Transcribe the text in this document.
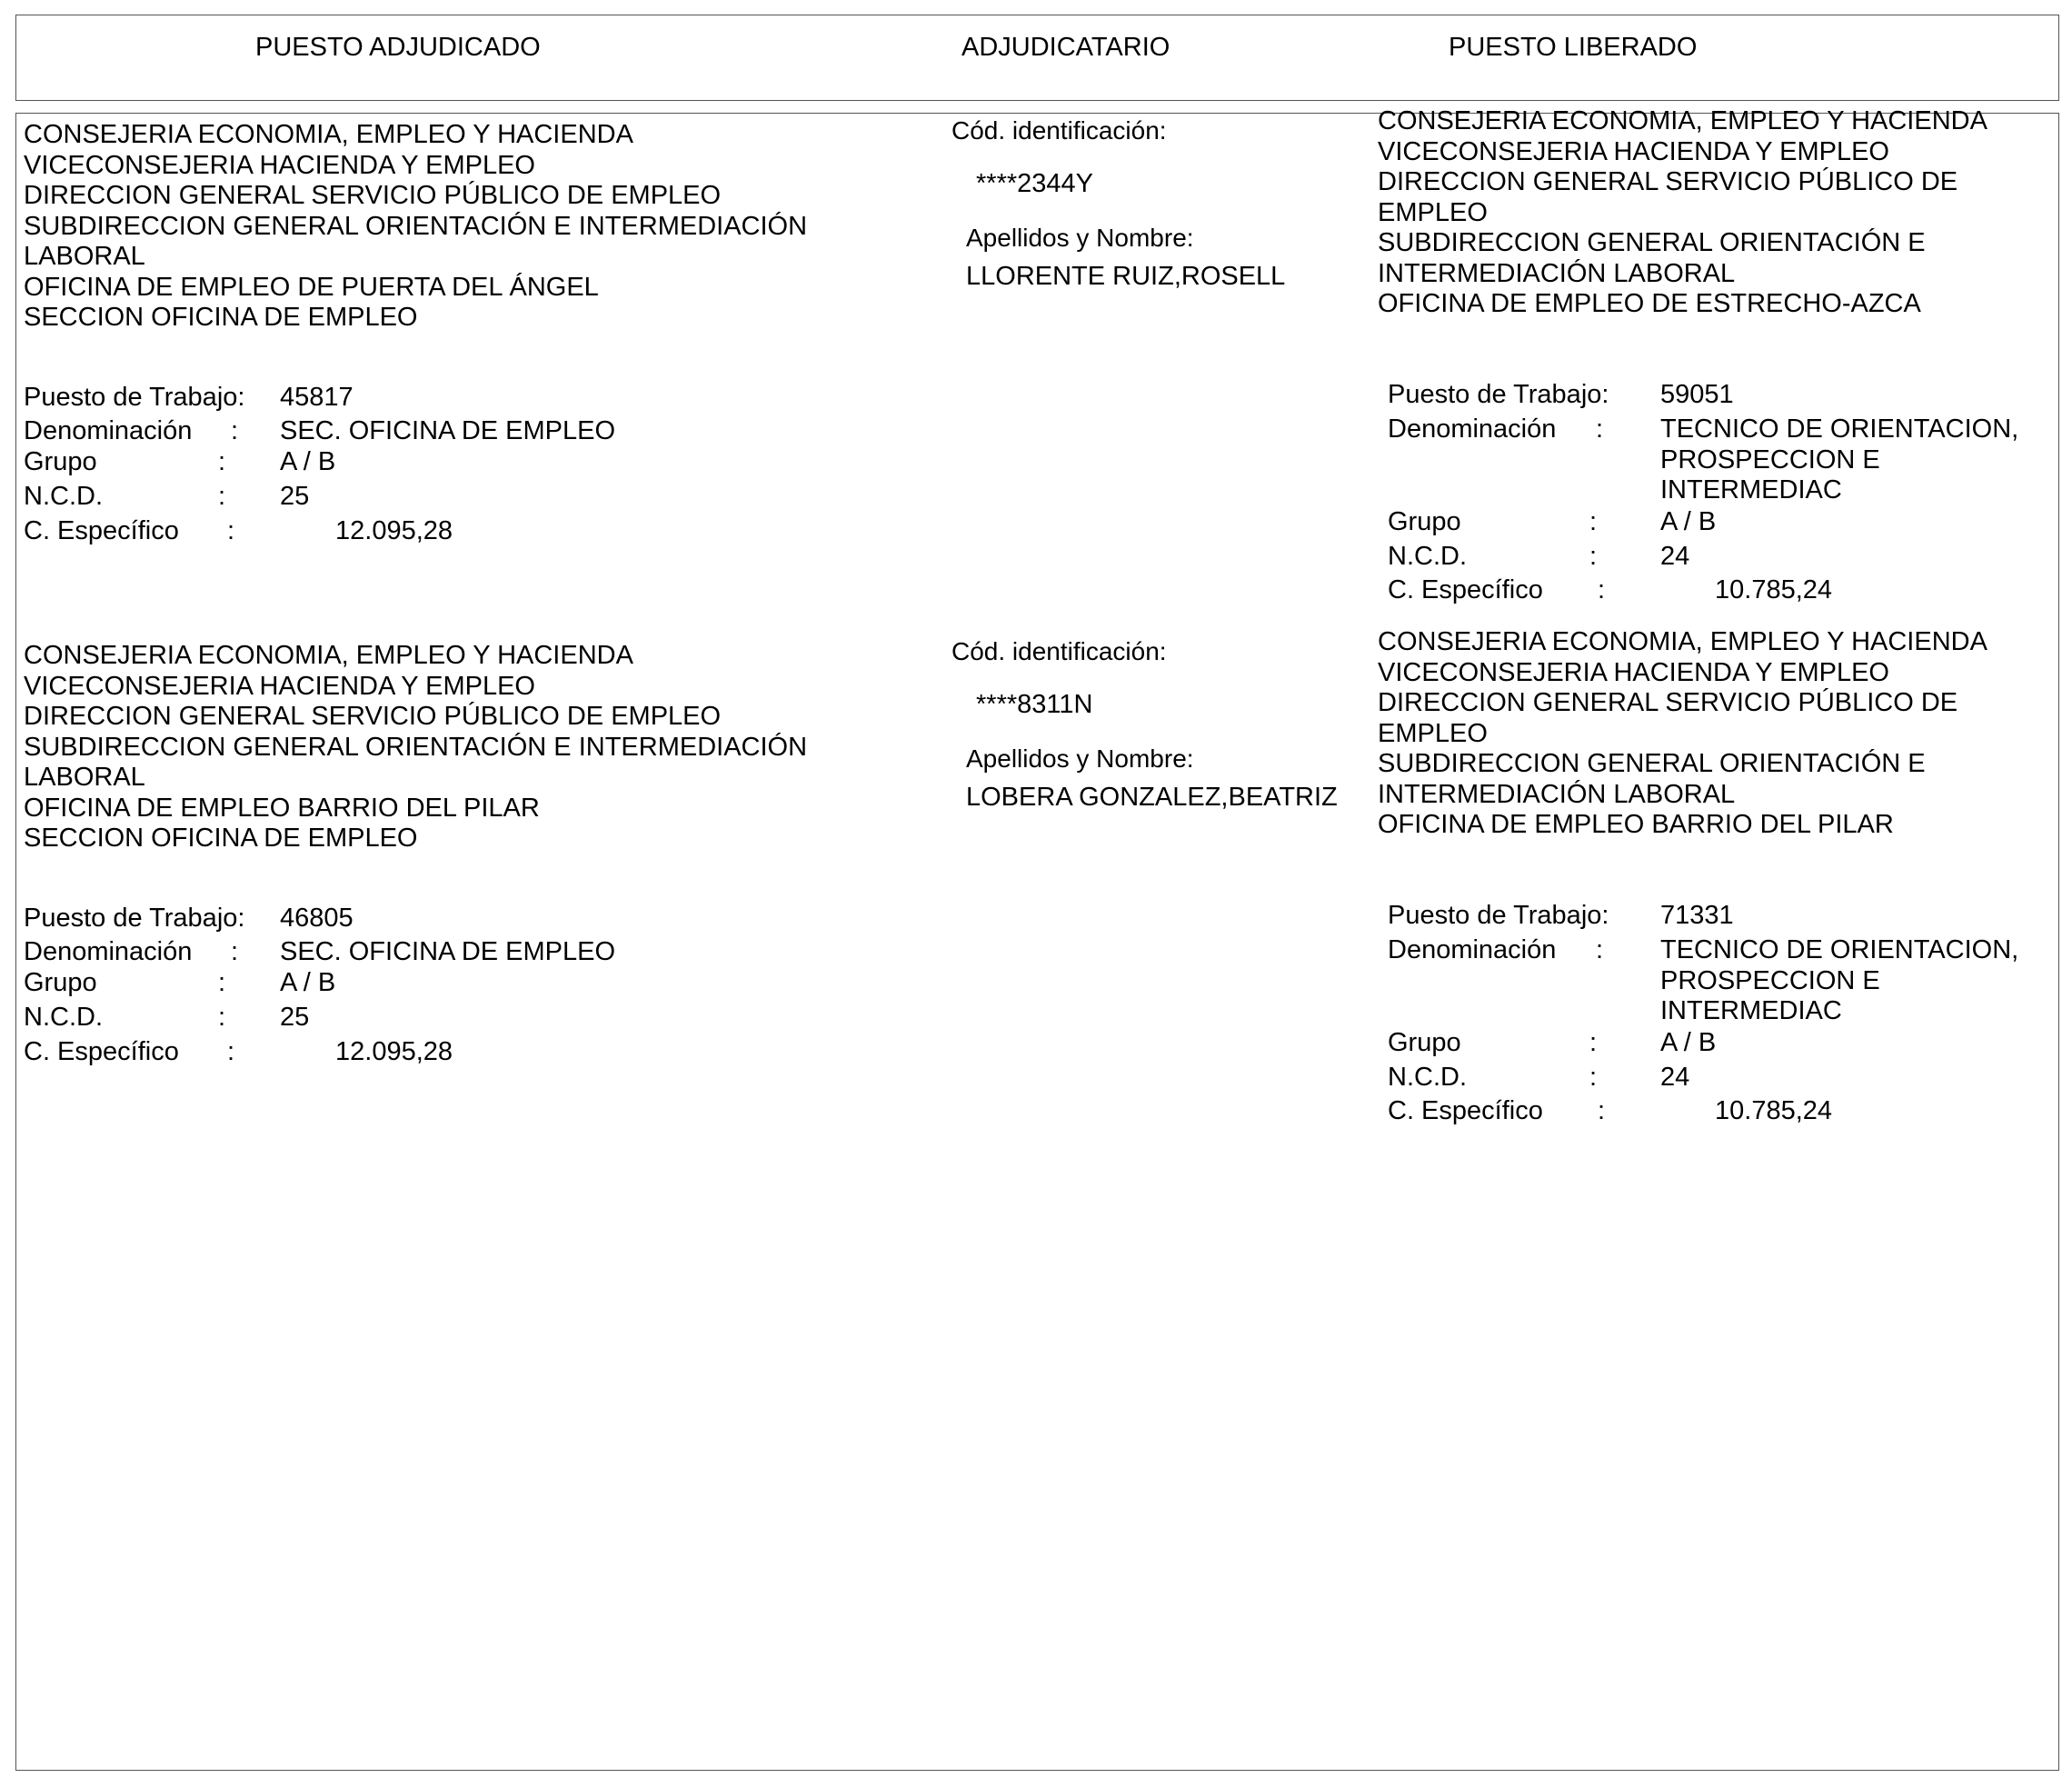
PUESTO ADJUDICADO	ADJUDICATARIO	PUESTO LIBERADO
CONSEJERIA ECONOMIA, EMPLEO Y HACIENDA
VICECONSEJERIA HACIENDA Y EMPLEO
DIRECCION GENERAL SERVICIO PÚBLICO DE EMPLEO
SUBDIRECCION GENERAL ORIENTACIÓN E INTERMEDIACIÓN
LABORAL
OFICINA DE EMPLEO DE PUERTA DEL ÁNGEL
SECCION OFICINA DE EMPLEO
Puesto de Trabajo: 45817
Denominación : SEC. OFICINA DE EMPLEO
Grupo	: A / B
N.C.D.	: 25
C. Específico :	12.095,28
Cód. identificación:
****2344Y
Apellidos y Nombre:
LLORENTE RUIZ,ROSELL
CONSEJERIA ECONOMIA, EMPLEO Y HACIENDA
VICECONSEJERIA HACIENDA Y EMPLEO
DIRECCION GENERAL SERVICIO PÚBLICO DE
EMPLEO
SUBDIRECCION GENERAL ORIENTACIÓN E
INTERMEDIACIÓN LABORAL
OFICINA DE EMPLEO DE ESTRECHO-AZCA
Puesto de Trabajo: 59051
Denominación : TECNICO DE ORIENTACION,
PROSPECCION E
INTERMEDIAC
Grupo	: A / B
N.C.D.	: 24
C. Específico :	10.785,24
CONSEJERIA ECONOMIA, EMPLEO Y HACIENDA
VICECONSEJERIA HACIENDA Y EMPLEO
DIRECCION GENERAL SERVICIO PÚBLICO DE EMPLEO
SUBDIRECCION GENERAL ORIENTACIÓN E INTERMEDIACIÓN
LABORAL
OFICINA DE EMPLEO BARRIO DEL PILAR
SECCION OFICINA DE EMPLEO
Puesto de Trabajo: 46805
Denominación : SEC. OFICINA DE EMPLEO
Grupo	: A / B
N.C.D.	: 25
C. Específico :	12.095,28
Cód. identificación:
****8311N
Apellidos y Nombre:
LOBERA GONZALEZ,BEATRIZ
CONSEJERIA ECONOMIA, EMPLEO Y HACIENDA
VICECONSEJERIA HACIENDA Y EMPLEO
DIRECCION GENERAL SERVICIO PÚBLICO DE
EMPLEO
SUBDIRECCION GENERAL ORIENTACIÓN E
INTERMEDIACIÓN LABORAL
OFICINA DE EMPLEO BARRIO DEL PILAR
Puesto de Trabajo: 71331
Denominación : TECNICO DE ORIENTACION,
PROSPECCION E
INTERMEDIAC
Grupo	: A / B
N.C.D.	: 24
C. Específico :	10.785,24
